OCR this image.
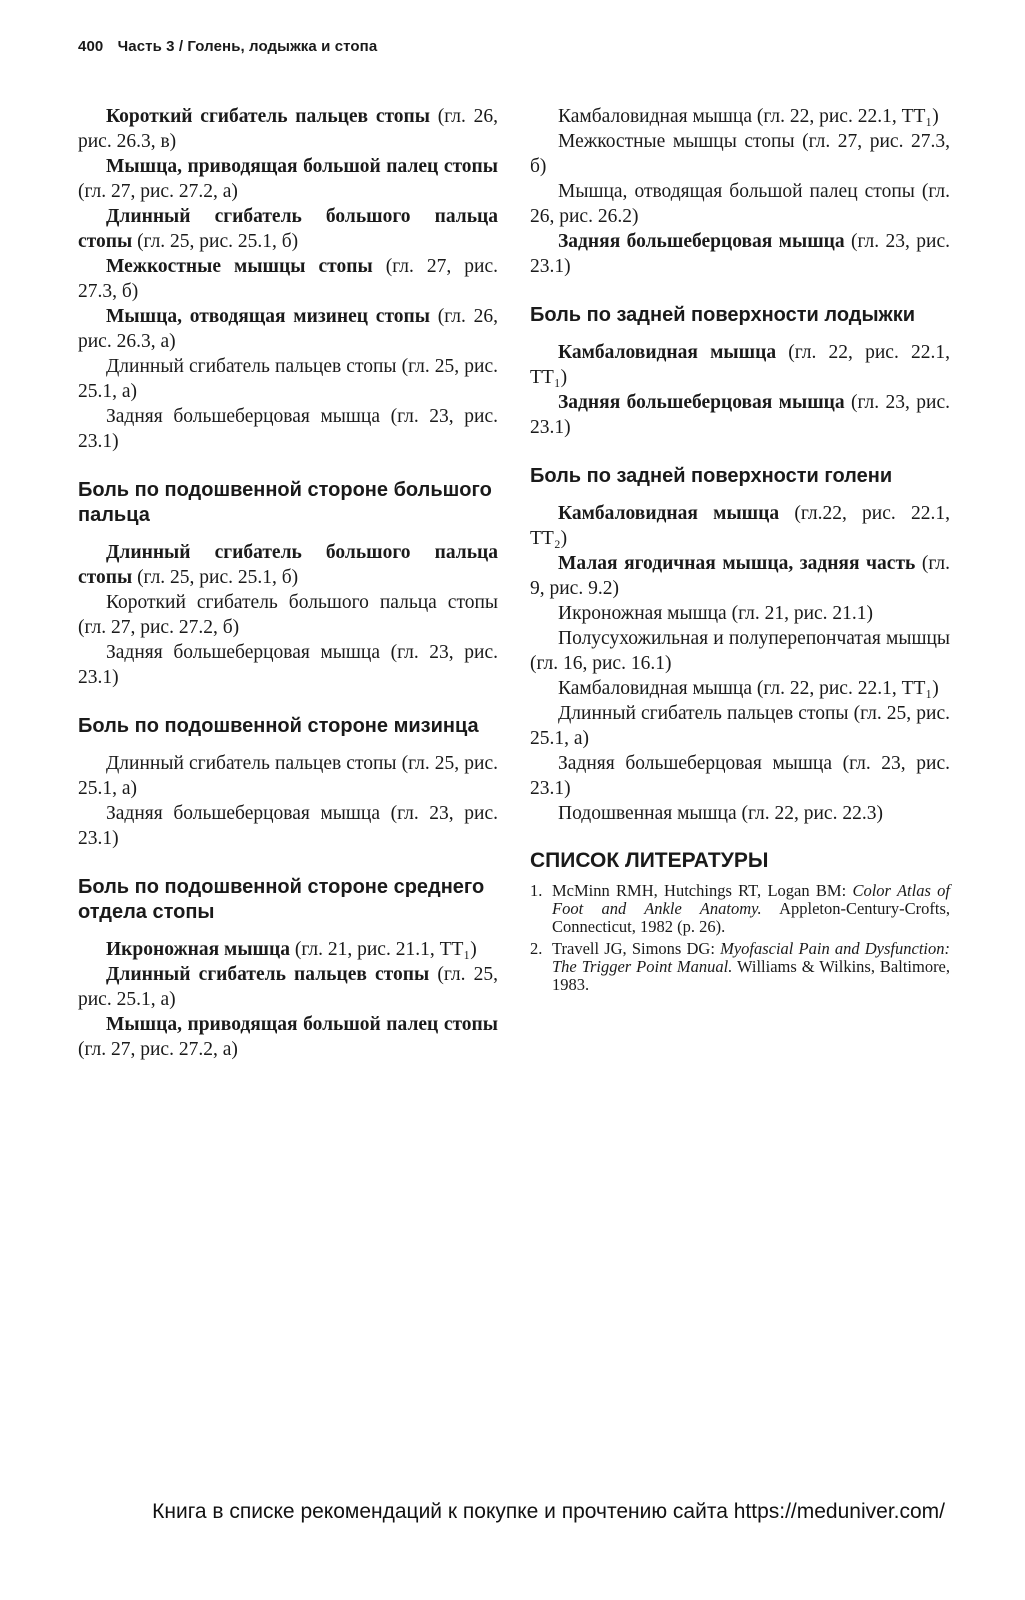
400 Часть 3 / Голень, лодыжка и стопа

Короткий сгибатель пальцев стопы (гл. 26, рис. 26.3, в)

Мышца, приводящая большой палец стопы (гл. 27, рис. 27.2, а)

Длинный сгибатель большого пальца стопы (гл. 25, рис. 25.1, б)

Межкостные мышцы стопы (гл. 27, рис. 27.3, б)

Мышца, отводящая мизинец стопы (гл. 26, рис. 26.3, а)

Длинный сгибатель пальцев стопы (гл. 25, рис. 25.1, а)

Задняя большеберцовая мышца (гл. 23, рис. 23.1)

Боль по подошвенной стороне большого пальца

Длинный сгибатель большого пальца стопы (гл. 25, рис. 25.1, б)

Короткий сгибатель большого пальца стопы (гл. 27, рис. 27.2, б)

Задняя большеберцовая мышца (гл. 23, рис. 23.1)

Боль по подошвенной стороне мизинца

Длинный сгибатель пальцев стопы (гл. 25, рис. 25.1, а)

Задняя большеберцовая мышца (гл. 23, рис. 23.1)

Боль по подошвенной стороне среднего отдела стопы

Икроножная мышца (гл. 21, рис. 21.1, TT₁)

Длинный сгибатель пальцев стопы (гл. 25, рис. 25.1, а)

Мышца, приводящая большой палец стопы (гл. 27, рис. 27.2, а)

Камбаловидная мышца (гл. 22, рис. 22.1, TT₁)

Межкостные мышцы стопы (гл. 27, рис. 27.3, б)

Мышца, отводящая большой палец стопы (гл. 26, рис. 26.2)

Задняя большеберцовая мышца (гл. 23, рис. 23.1)

Боль по задней поверхности лодыжки

Камбаловидная мышца (гл. 22, рис. 22.1, TT₁)

Задняя большеберцовая мышца (гл. 23, рис. 23.1)

Боль по задней поверхности голени

Камбаловидная мышца (гл.22, рис. 22.1, TT₂)

Малая ягодичная мышца, задняя часть (гл. 9, рис. 9.2)

Икроножная мышца (гл. 21, рис. 21.1)

Полусухожильная и полуперепончатая мышцы (гл. 16, рис. 16.1)

Камбаловидная мышца (гл. 22, рис. 22.1, TT₁)

Длинный сгибатель пальцев стопы (гл. 25, рис. 25.1, а)

Задняя большеберцовая мышца (гл. 23, рис. 23.1)

Подошвенная мышца (гл. 22, рис. 22.3)

СПИСОК ЛИТЕРАТУРЫ
1. McMinn RMH, Hutchings RT, Logan BM: Color Atlas of Foot and Ankle Anatomy. Appleton-Century-Crofts, Connecticut, 1982 (p. 26).
2. Travell JG, Simons DG: Myofascial Pain and Dysfunction: The Trigger Point Manual. Williams & Wilkins, Baltimore, 1983.
Книга в списке рекомендаций к покупке и прочтению сайта https://meduniver.com/
